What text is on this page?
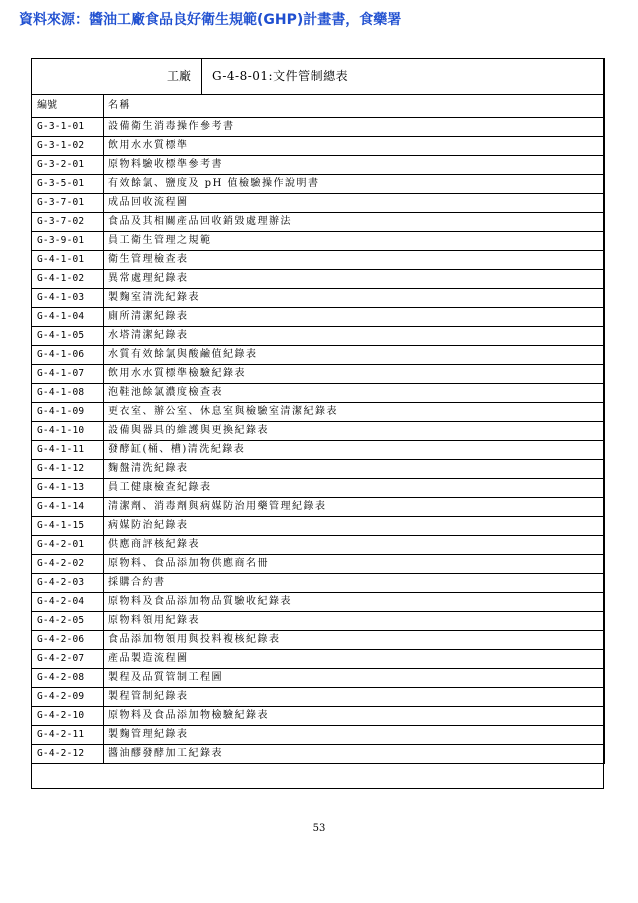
資料來源：醬油工廠食品良好衛生規範(GHP)計畫書，食藥署
工廠		G-4-8-01:文件管制總表
編號	名稱	
G-3-1-01	設備衛生消毒操作參考書	
G-3-1-02	飲用水水質標準	
G-3-2-01	原物料驗收標準參考書	
G-3-5-01	有效餘氯、鹽度及 pH 值檢驗操作說明書	
G-3-7-01	成品回收流程圖	
G-3-7-02	食品及其相關產品回收銷毀處理辦法	
G-3-9-01	員工衛生管理之規範	
G-4-1-01	衛生管理檢查表	
G-4-1-02	異常處理紀錄表	
G-4-1-03	製麴室清洗紀錄表	
G-4-1-04	廁所清潔紀錄表	
G-4-1-05	水塔清潔紀錄表	
G-4-1-06	水質有效餘氯與酸鹼值紀錄表	
G-4-1-07	飲用水水質標準檢驗紀錄表	
G-4-1-08	泡鞋池餘氯濃度檢查表	
G-4-1-09	更衣室、辦公室、休息室與檢驗室清潔紀錄表	
G-4-1-10	設備與器具的維護與更換紀錄表	
G-4-1-11	發酵缸(桶、槽)清洗紀錄表	
G-4-1-12	麴盤清洗紀錄表	
G-4-1-13	員工健康檢查紀錄表	
G-4-1-14	清潔劑、消毒劑與病媒防治用藥管理紀錄表	
G-4-1-15	病媒防治紀錄表	
G-4-2-01	供應商評核紀錄表	
G-4-2-02	原物料、食品添加物供應商名冊	
G-4-2-03	採購合約書	
G-4-2-04	原物料及食品添加物品質驗收紀錄表	
G-4-2-05	原物料領用紀錄表	
G-4-2-06	食品添加物領用與投料複核紀錄表	
G-4-2-07	產品製造流程圖	
G-4-2-08	製程及品質管制工程圖	
G-4-2-09	製程管制紀錄表	
G-4-2-10	原物料及食品添加物檢驗紀錄表	
G-4-2-11	製麴管理紀錄表	
G-4-2-12	醬油醪發酵加工紀錄表	
53
